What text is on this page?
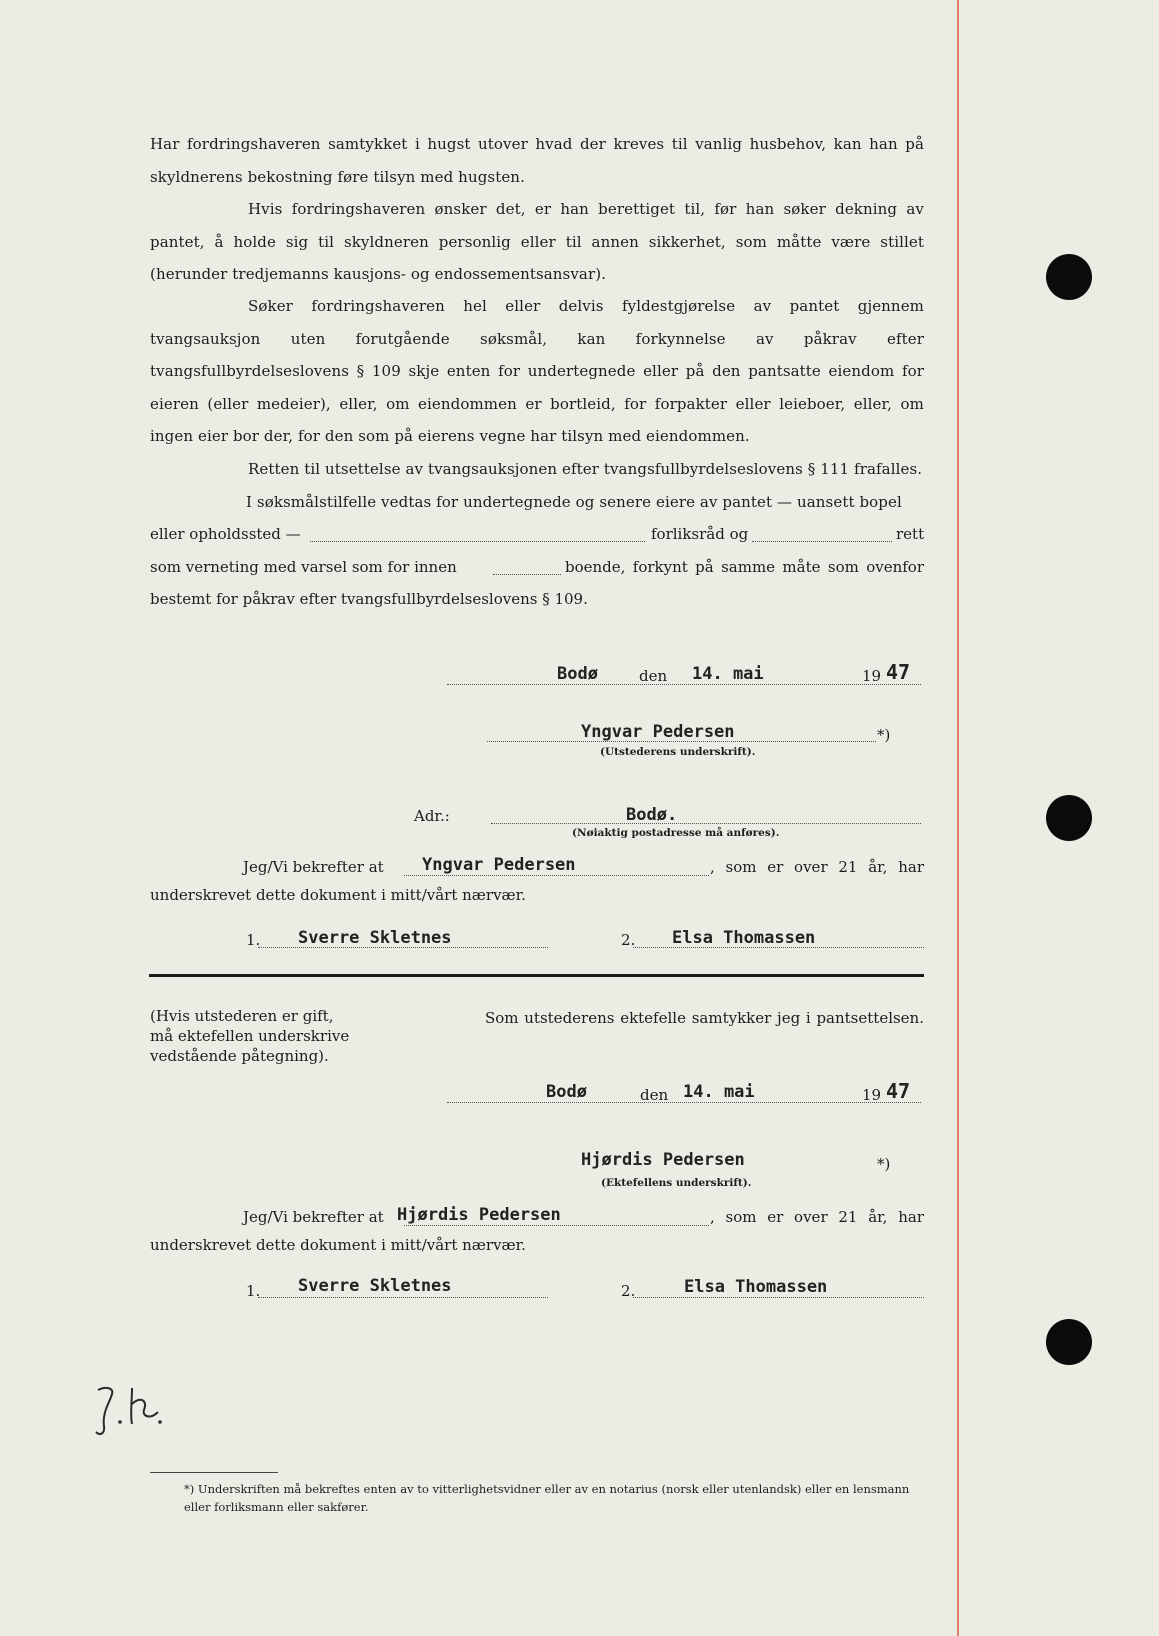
Har fordringshaveren samtykket i hugst utover hvad der kreves til vanlig husbehov, kan han på skyldnerens bekostning føre tilsyn med hugsten.
Hvis fordringshaveren ønsker det, er han berettiget til, før han søker dekning av pantet, å holde sig til skyldneren personlig eller til annen sikkerhet, som måtte være stillet (herunder tredjemanns kausjons- og endossementsansvar).
Søker fordringshaveren hel eller delvis fyldestgjørelse av pantet gjennem tvangsauksjon uten forutgående søksmål, kan forkynnelse av påkrav efter tvangsfullbyrdelseslovens § 109 skje enten for undertegnede eller på den pantsatte eiendom for eieren (eller medeier), eller, om eiendommen er bortleid, for forpakter eller leieboer, eller, om ingen eier bor der, for den som på eierens vegne har tilsyn med eiendommen.
Retten til utsettelse av tvangsauksjonen efter tvangsfullbyrdelseslovens § 111 frafalles.
I søksmålstilfelle vedtas for undertegnede og senere eiere av pantet — uansett bopel
eller opholdssted —	forliksråd og	rett
som verneting med varsel som for innen	boende, forkynt på samme måte som ovenfor
bestemt for påkrav efter tvangsfullbyrdelseslovens § 109.
Bodø	den 14. mai	19 47
Yngvar Pedersen	*)
(Utstederens underskrift).
Adr.:	Bodø.
(Nøiaktig postadresse må anføres).
Jeg/Vi bekrefter at Yngvar Pedersen	, som er over 21 år, har
underskrevet dette dokument i mitt/vårt nærvær.
1. Sverre Skletnes	2. Elsa Thomassen
(Hvis utstederen er gift, må ektefellen underskrive vedstående påtegning).
Som utstederens ektefelle samtykker jeg i pantsettelsen.
Bodø	den 14. mai	19 47
Hjørdis Pedersen	*)
(Ektefellens underskrift).
Jeg/Vi bekrefter at Hjørdis Pedersen	, som er over 21 år, har
underskrevet dette dokument i mitt/vårt nærvær.
1. Sverre Skletnes	2.	Elsa Thomassen
*) Underskriften må bekreftes enten av to vitterlighetsvidner eller av en notarius (norsk eller utenlandsk) eller en lensmann eller forliksmann eller sakfører.
